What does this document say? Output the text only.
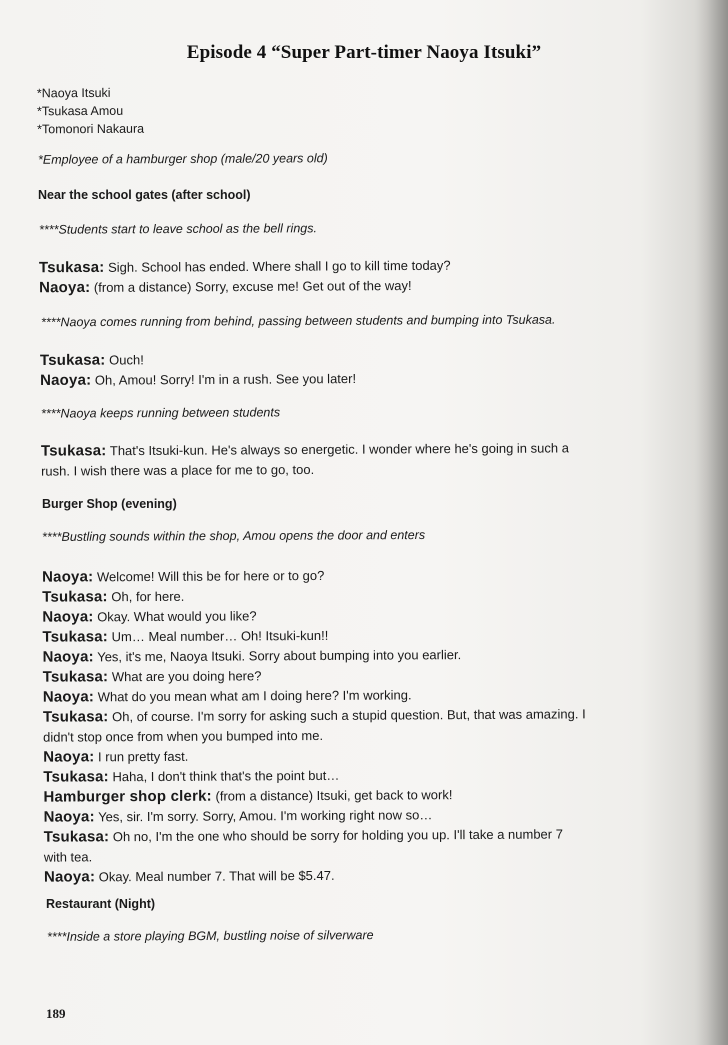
Episode 4 “Super Part-timer Naoya Itsuki”
*Naoya Itsuki
*Tsukasa Amou
*Tomonori Nakaura
*Employee of a hamburger shop (male/20 years old)
Near the school gates (after school)
****Students start to leave school as the bell rings.
Tsukasa: Sigh. School has ended. Where shall I go to kill time today?
Naoya: (from a distance) Sorry, excuse me! Get out of the way!
****Naoya comes running from behind, passing between students and bumping into Tsukasa.
Tsukasa: Ouch!
Naoya: Oh, Amou! Sorry! I'm in a rush. See you later!
****Naoya keeps running between students
Tsukasa: That's Itsuki-kun. He's always so energetic. I wonder where he's going in such a
rush. I wish there was a place for me to go, too.
Burger Shop (evening)
****Bustling sounds within the shop, Amou opens the door and enters
Naoya: Welcome! Will this be for here or to go?
Tsukasa: Oh, for here.
Naoya: Okay. What would you like?
Tsukasa: Um… Meal number… Oh! Itsuki-kun!!
Naoya: Yes, it's me, Naoya Itsuki. Sorry about bumping into you earlier.
Tsukasa: What are you doing here?
Naoya: What do you mean what am I doing here? I'm working.
Tsukasa: Oh, of course. I'm sorry for asking such a stupid question. But, that was amazing. I
didn't stop once from when you bumped into me.
Naoya: I run pretty fast.
Tsukasa: Haha, I don't think that's the point but…
Hamburger shop clerk: (from a distance) Itsuki, get back to work!
Naoya: Yes, sir. I'm sorry. Sorry, Amou. I'm working right now so…
Tsukasa: Oh no, I'm the one who should be sorry for holding you up. I'll take a number 7
with tea.
Naoya: Okay. Meal number 7. That will be $5.47.
Restaurant (Night)
****Inside a store playing BGM, bustling noise of silverware
189
